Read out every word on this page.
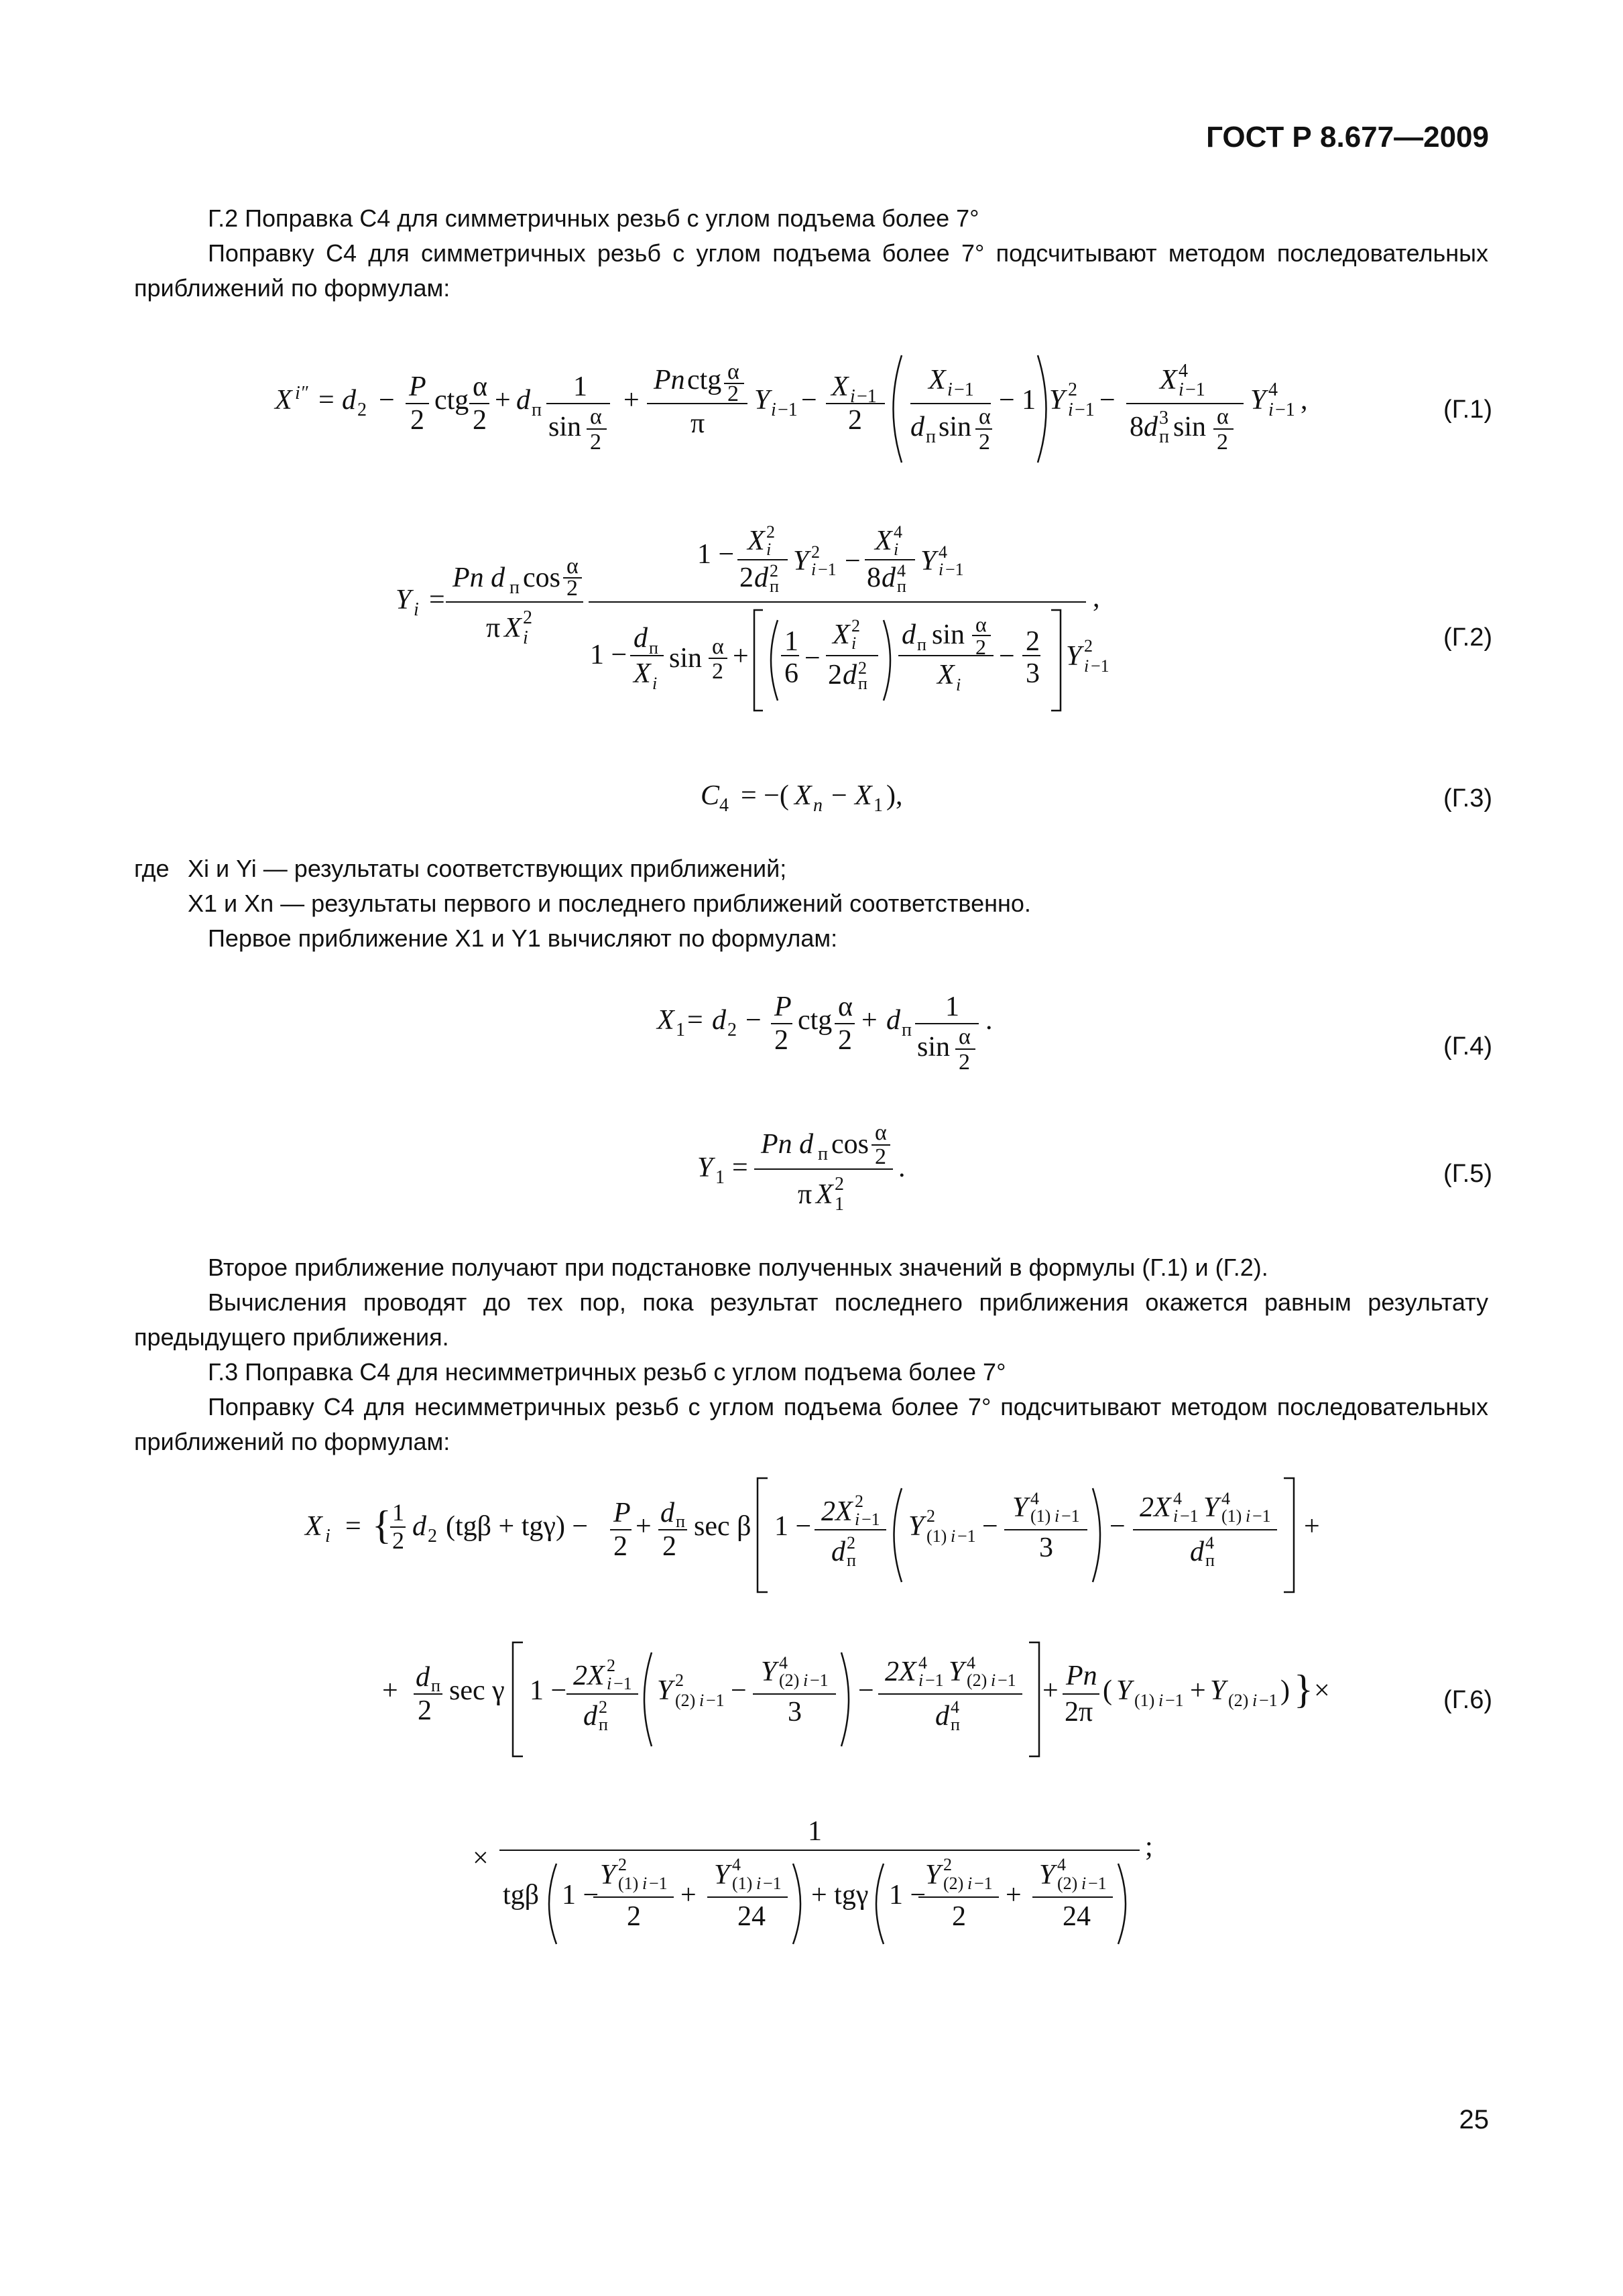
ГОСТ Р 8.677—2009
Г.2 Поправка C4 для симметричных резьб с углом подъема более 7°
Поправку C4 для симметричных резьб с углом подъема более 7° подсчитывают методом последовательных приближений по формулам:
X i″ = d 2 − P
2
ctg α
2
+ d п
1
sin α
2
+
Pn ctg α
2
π
Y i −1 − X i −1
2
X i −1
d п sin α
2
− 1 Y 2
i −1 −
X 4
i −1
8 d 3
п sin α
2
Y 4
i −1 ,	(Г.1)
Y i =
Pn d п cos α
2
π X 2
i
1 − X 2
i
2 d 2
п
Y 2
i −1 −
X 4
i
8 d 4
п
Y 4
i −1
,
1 −
d п
X i
sin α
2 + 1
6 −
X 2
i
2 d 2
п
d п sin α
2
X i
− 2
3
Y 2
i −1
(Г.2)
C 4 = −( X n − X 1 ),	(Г.3)
где Xi и Yi — результаты соответствующих приближений;
X1 и Xn — результаты первого и последнего приближений соответственно.
Первое приближение X1 и Y1 вычисляют по формулам:
X 1 = d 2 − P
2
ctg α
2
+ d п
1
sin α
2
.
(Г.4)
Y 1 =
Pn d п cos α
2 .
π X 2
1
(Г.5)
Второе приближение получают при подстановке полученных значений в формулы (Г.1) и (Г.2).
Вычисления проводят до тех пор, пока результат последнего приближения окажется равным результату предыдущего приближения.
Г.3 Поправка C4 для несимметричных резьб с углом подъема более 7°
Поправку C4 для несимметричных резьб с углом подъема более 7° подсчитывают методом последовательных приближений по формулам:
X i = { 1
2 d 2 (tgβ + tgγ) − P
2
+ d п
2
sec β 1 − 2X 2
i −1
d 2
п
Y 2
(1) i −1 −
Y 4
(1) i −1
3
−
2X 4
i −1 Y 4
(1) i −1
d 4
п
+
+ d п
2
sec γ 1 − 2X 2
i −1
d 2
п
Y 2
(2) i −1 −
Y 4
(2) i −1
3
−
2X 4
i −1 Y 4
(2) i −1
d 4
п
+ Pn
2π
( Y (1) i −1 + Y (2) i −1 ) } ×
×
1	;
tgβ 1 −
Y 2
(1) i −1
2
+
Y 4
(1) i −1
24
+ tgγ 1 −
Y 2
(2) i −1
2
+
Y 4
(2) i −1
24
(Г.6)
25
